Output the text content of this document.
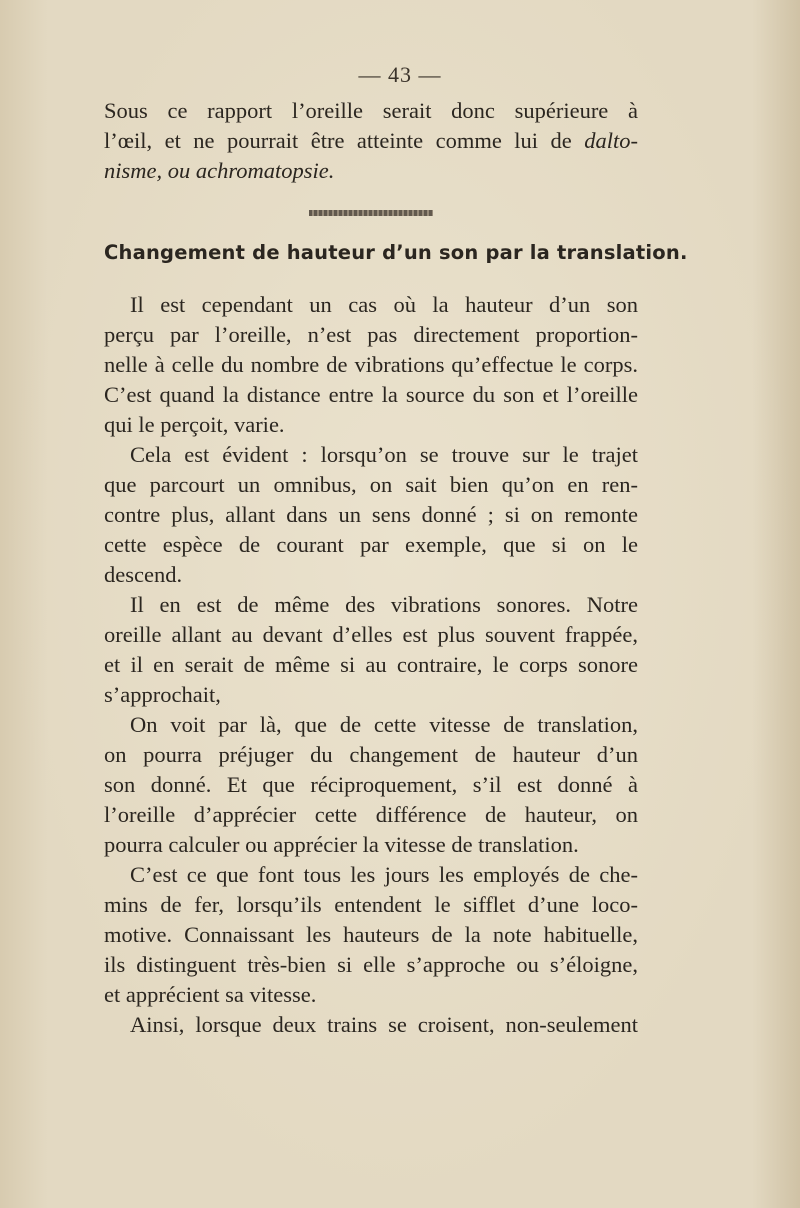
— 43 —
Sous ce rapport l’oreille serait donc supérieure à
l’œil, et ne pourrait être atteinte comme lui de dalto-
nisme, ou achromatopsie.
Changement de hauteur d’un son par la translation.
Il est cependant un cas où la hauteur d’un son
perçu par l’oreille, n’est pas directement proportion-
nelle à celle du nombre de vibrations qu’effectue le corps.
C’est quand la distance entre la source du son et l’oreille
qui le perçoit, varie.
Cela est évident : lorsqu’on se trouve sur le trajet
que parcourt un omnibus, on sait bien qu’on en ren-
contre plus, allant dans un sens donné ; si on remonte
cette espèce de courant par exemple, que si on le
descend.
Il en est de même des vibrations sonores. Notre
oreille allant au devant d’elles est plus souvent frappée,
et il en serait de même si au contraire, le corps sonore
s’approchait,
On voit par là, que de cette vitesse de translation,
on pourra préjuger du changement de hauteur d’un
son donné. Et que réciproquement, s’il est donné à
l’oreille d’apprécier cette différence de hauteur, on
pourra calculer ou apprécier la vitesse de translation.
C’est ce que font tous les jours les employés de che-
mins de fer, lorsqu’ils entendent le sifflet d’une loco-
motive. Connaissant les hauteurs de la note habituelle,
ils distinguent très-bien si elle s’approche ou s’éloigne,
et apprécient sa vitesse.
Ainsi, lorsque deux trains se croisent, non-seulement
